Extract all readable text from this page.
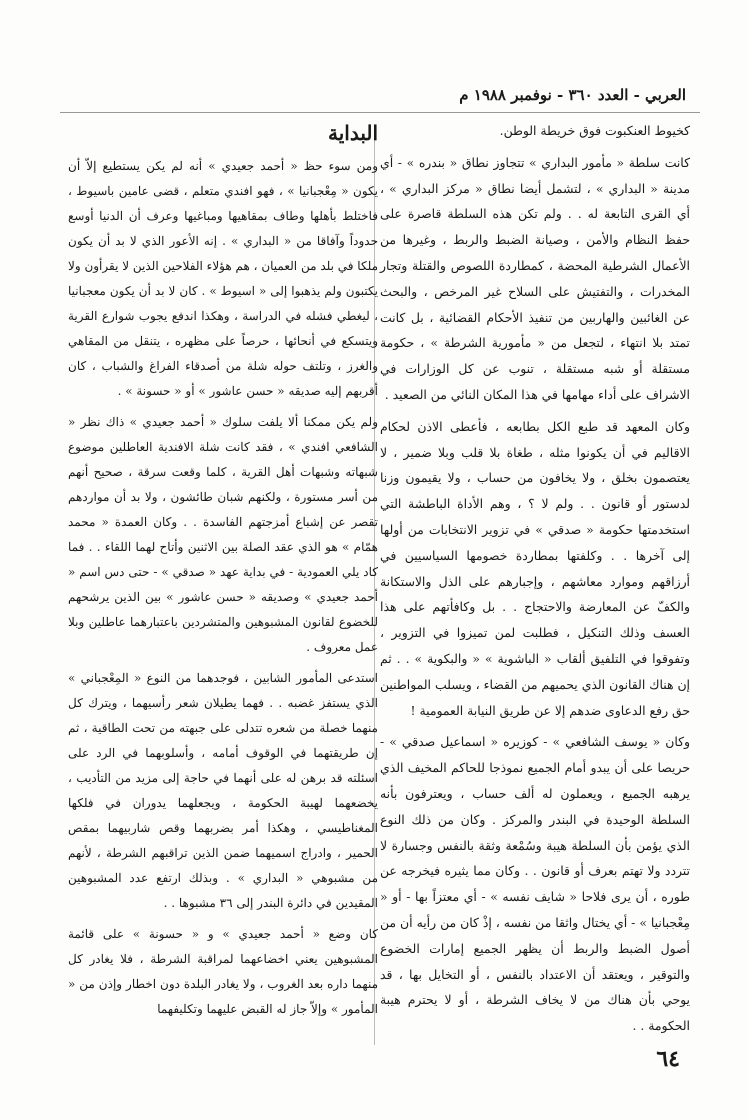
العربي - العدد ٣٦٠ - نوفمبر ١٩٨٨ م

كخيوط العنكبوت فوق خريطة الوطن.

كانت سلطة « مأمور البداري » تتجاوز نطاق « بندره » - أي مدينة « البداري » ، لتشمل أيضا نطاق « مركز البداري » ، أي القرى التابعة له . . ولم تكن هذه السلطة قاصرة على حفظ النظام والأمن ، وصيانة الضبط والربط ، وغيرها من الأعمال الشرطية المحضة ، كمطاردة اللصوص والقتلة وتجار المخدرات ، والتفتيش على السلاح غير المرخص ، والبحث عن الغائبين والهاربين من تنفيذ الأحكام القضائية ، بل كانت تمتد بلا انتهاء ، لتجعل من « مأمورية الشرطة » ، حكومة مستقلة أو شبه مستقلة ، تنوب عن كل الوزارات في الاشراف على أداء مهامها في هذا المكان النائي من الصعيد .

وكان المعهد قد طبع الكل بطابعه ، فأعطى الاذن لحكام الاقاليم في أن يكونوا مثله ، طغاة بلا قلب وبلا ضمير ، لا يعتصمون بخلق ، ولا يخافون من حساب ، ولا يقيمون وزنا لدستور أو قانون . . ولم لا ؟ ، وهم الأداة الباطشة التي استخدمتها حكومة « صدقي » في تزوير الانتخابات من أولها إلى آخرها . . وكلفتها بمطاردة خصومها السياسيين في أرزاقهم وموارد معاشهم ، وإجبارهم على الذل والاستكانة والكفّ عن المعارضة والاحتجاج . . بل وكافأتهم على هذا العسف وذلك التنكيل ، فطلبت لمن تميزوا في التزوير ، وتفوقوا في التلفيق ألقاب « الباشوية » « والبكوية » . . ثم إن هناك القانون الذي يحميهم من القضاء ، ويسلب المواطنين حق رفع الدعاوى ضدهم إلا عن طريق النيابة العمومية !

وكان « يوسف الشافعي » - كوزيره « اسماعيل صدقي » - حريصا على أن يبدو أمام الجميع نموذجا للحاكم المخيف الذي يرهبه الجميع ، ويعملون له ألف حساب ، ويعترفون بأنه السلطة الوحيدة في البندر والمركز . وكان من ذلك النوع الذي يؤمن بأن السلطة هيبة وسُمْعة وثقة بالنفس وجسارة لا تتردد ولا تهتم بعرف أو قانون . . وكان مما يثيره فيخرجه عن طوره ، أن يرى فلاحا « شايف نفسه » - أي معتزاً بها - أو « مِعْجبانيا » - أي يختال واثقا من نفسه ، إذْ كان من رأيه أن من أصول الضبط والربط أن يظهر الجميع إمارات الخضوع والتوقير ، ويعتقد أن الاعتداد بالنفس ، أو التخايل بها ، قد يوحي بأن هناك من لا يخاف الشرطة ، أو لا يحترم هيبة الحكومة . .

البداية

ومن سوء حظ « أحمد جعيدي » أنه لم يكن يستطيع إلاّ أن يكون « مِعْجبانيا » ، فهو افندي متعلم ، قضى عامين باسيوط ، فاختلط بأهلها وطاف بمقاهيها ومباغيها وعرف أن الدنيا أوسع حدوداً وآفاقا من « البداري » . إنه الأعور الذي لا بد أن يكون ملكا في بلد من العميان ، هم هؤلاء الفلاحين الذين لا يقرأون ولا يكتبون ولم يذهبوا إلى « اسيوط » . كان لا بد أن يكون معجبانيا ، ليغطي فشله في الدراسة ، وهكذا اندفع يجوب شوارع القرية ويتسكع في أنحائها ، حرصاً على مظهره ، يتنقل من المقاهي والغرز ، وتلتف حوله شلة من أصدقاء الفراغ والشباب ، كان أقربهم إليه صديقه « حسن عاشور » أو « حسونة » .

ولم يكن ممكنا ألا يلفت سلوك « أحمد جعيدي » ذاك نظر « الشافعي افندي » ، فقد كانت شلة الافندية العاطلين موضوع شبهاته وشبهات أهل القرية ، كلما وقعت سرقة ، صحيح أنهم من أسر مستورة ، ولكنهم شبان طائشون ، ولا بد أن مواردهم تقصر عن إشباع أمزجتهم الفاسدة . . وكان العمدة « محمد همّام » هو الذي عقد الصلة بين الاثنين وأتاح لهما اللقاء . . فما كاد يلي العمودية - في بداية عهد « صدقي » - حتى دس اسم « أحمد جعيدي » وصديقه « حسن عاشور » بين الذين يرشحهم للخضوع لقانون المشبوهين والمتشردين باعتبارهما عاطلين وبلا عمل معروف .

استدعى المأمور الشابين ، فوجدهما من النوع « المِعْجباني » الذي يستفز غضبه . . فهما يطيلان شعر رأسيهما ، ويترك كل منهما خصلة من شعره تتدلى على جبهته من تحت الطاقية ، ثم إن طريقتهما في الوقوف أمامه ، وأسلوبهما في الرد على اسئلته قد برهن له على أنهما في حاجة إلى مزيد من التأديب ، يخضعهما لهيبة الحكومة ، ويجعلهما يدوران في فلكها المغناطيسي ، وهكذا أمر بضربهما وقص شاربيهما بمقص الحمير ، وادراج اسميهما ضمن الذين تراقبهم الشرطة ، لأنهم من مشبوهي « البداري » . وبذلك ارتفع عدد المشبوهين المقيدين في دائرة البندر إلى ٣٦ مشبوها . .

كان وضع « أحمد جعيدي » و « حسونة » على قائمة المشبوهين يعني اخضاعهما لمراقبة الشرطة ، فلا يغادر كل منهما داره بعد الغروب ، ولا يغادر البلدة دون اخطار وإذن من « المأمور » وإلاّ جاز له القبض عليهما وتكليفهما

٦٤
